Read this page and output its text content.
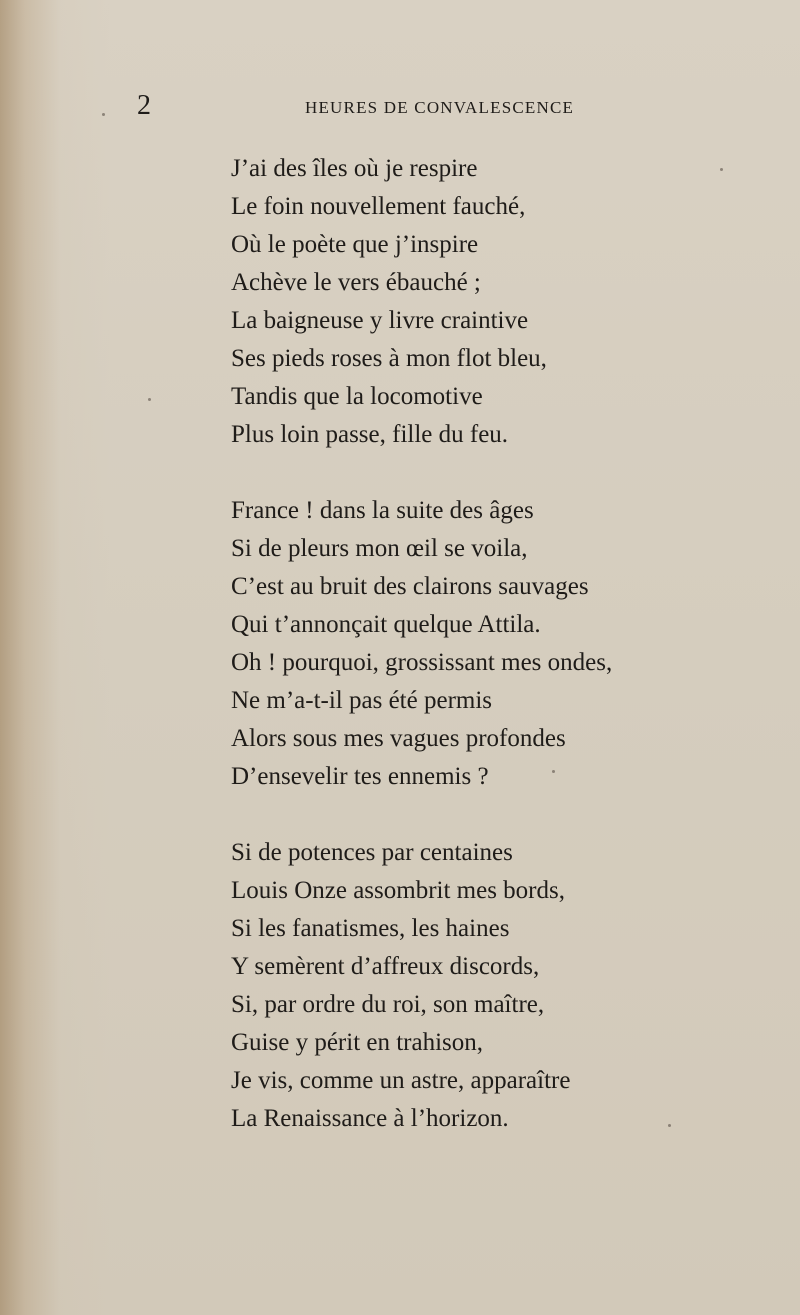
2	HEURES DE CONVALESCENCE
J’ai des îles où je respire
Le foin nouvellement fauché,
Où le poète que j’inspire
Achève le vers ébauché ;
La baigneuse y livre craintive
Ses pieds roses à mon flot bleu,
Tandis que la locomotive
Plus loin passe, fille du feu.
France ! dans la suite des âges
Si de pleurs mon œil se voila,
C’est au bruit des clairons sauvages
Qui t’annonçait quelque Attila.
Oh ! pourquoi, grossissant mes ondes,
Ne m’a-t-il pas été permis
Alors sous mes vagues profondes
D’ensevelir tes ennemis ?
Si de potences par centaines
Louis Onze assombrit mes bords,
Si les fanatismes, les haines
Y semèrent d’affreux discords,
Si, par ordre du roi, son maître,
Guise y périt en trahison,
Je vis, comme un astre, apparaître
La Renaissance à l’horizon.
